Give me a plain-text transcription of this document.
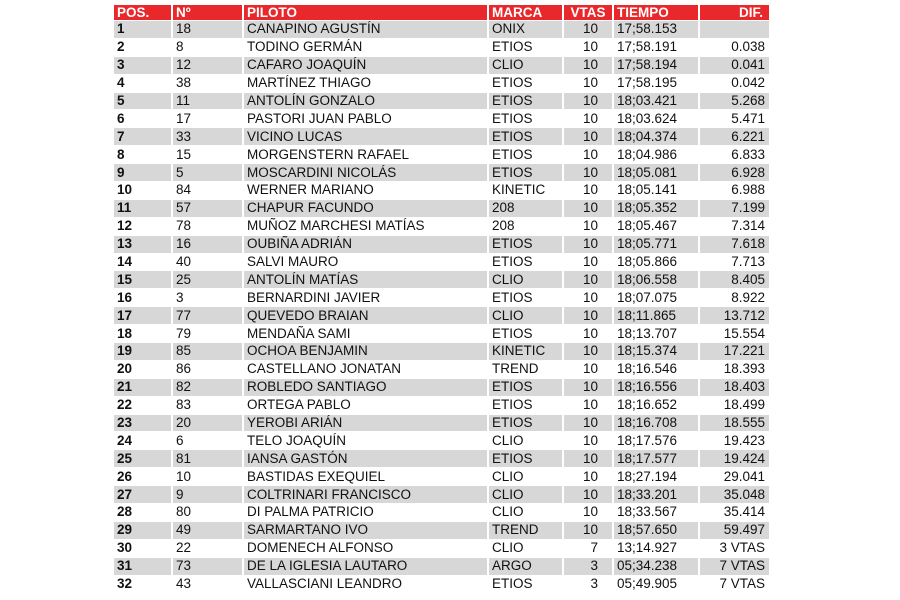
POS.	Nº	PILOTO	MARCA	VTAS	TIEMPO	DIF.
1	18	CANAPINO AGUSTÍN	ONIX	10	17;58.153	
2	8	TODINO GERMÁN	ETIOS	10	17;58.191	0.038
3	12	CAFARO JOAQUÍN	CLIO	10	17;58.194	0.041
4	38	MARTÍNEZ THIAGO	ETIOS	10	17;58.195	0.042
5	11	ANTOLÍN GONZALO	ETIOS	10	18;03.421	5.268
6	17	PASTORI JUAN PABLO	ETIOS	10	18;03.624	5.471
7	33	VICINO LUCAS	ETIOS	10	18;04.374	6.221
8	15	MORGENSTERN RAFAEL	ETIOS	10	18;04.986	6.833
9	5	MOSCARDINI NICOLÁS	ETIOS	10	18;05.081	6.928
10	84	WERNER MARIANO	KINETIC	10	18;05.141	6.988
11	57	CHAPUR FACUNDO	208	10	18;05.352	7.199
12	78	MUÑOZ MARCHESI MATÍAS	208	10	18;05.467	7.314
13	16	OUBIÑA ADRIÁN	ETIOS	10	18;05.771	7.618
14	40	SALVI MAURO	ETIOS	10	18;05.866	7.713
15	25	ANTOLÍN MATÍAS	CLIO	10	18;06.558	8.405
16	3	BERNARDINI JAVIER	ETIOS	10	18;07.075	8.922
17	77	QUEVEDO BRAIAN	CLIO	10	18;11.865	13.712
18	79	MENDAÑA SAMI	ETIOS	10	18;13.707	15.554
19	85	OCHOA BENJAMIN	KINETIC	10	18;15.374	17.221
20	86	CASTELLANO JONATAN	TREND	10	18;16.546	18.393
21	82	ROBLEDO SANTIAGO	ETIOS	10	18;16.556	18.403
22	83	ORTEGA PABLO	ETIOS	10	18;16.652	18.499
23	20	YEROBI ARIÁN	ETIOS	10	18;16.708	18.555
24	6	TELO JOAQUÍN	CLIO	10	18;17.576	19.423
25	81	IANSA GASTÓN	ETIOS	10	18;17.577	19.424
26	10	BASTIDAS EXEQUIEL	CLIO	10	18;27.194	29.041
27	9	COLTRINARI FRANCISCO	CLIO	10	18;33.201	35.048
28	80	DI PALMA PATRICIO	CLIO	10	18;33.567	35.414
29	49	SARMARTANO IVO	TREND	10	18;57.650	59.497
30	22	DOMENECH ALFONSO	CLIO	7	13;14.927	3 VTAS
31	73	DE LA IGLESIA LAUTARO	ARGO	3	05;34.238	7 VTAS
32	43	VALLASCIANI LEANDRO	ETIOS	3	05;49.905	7 VTAS
